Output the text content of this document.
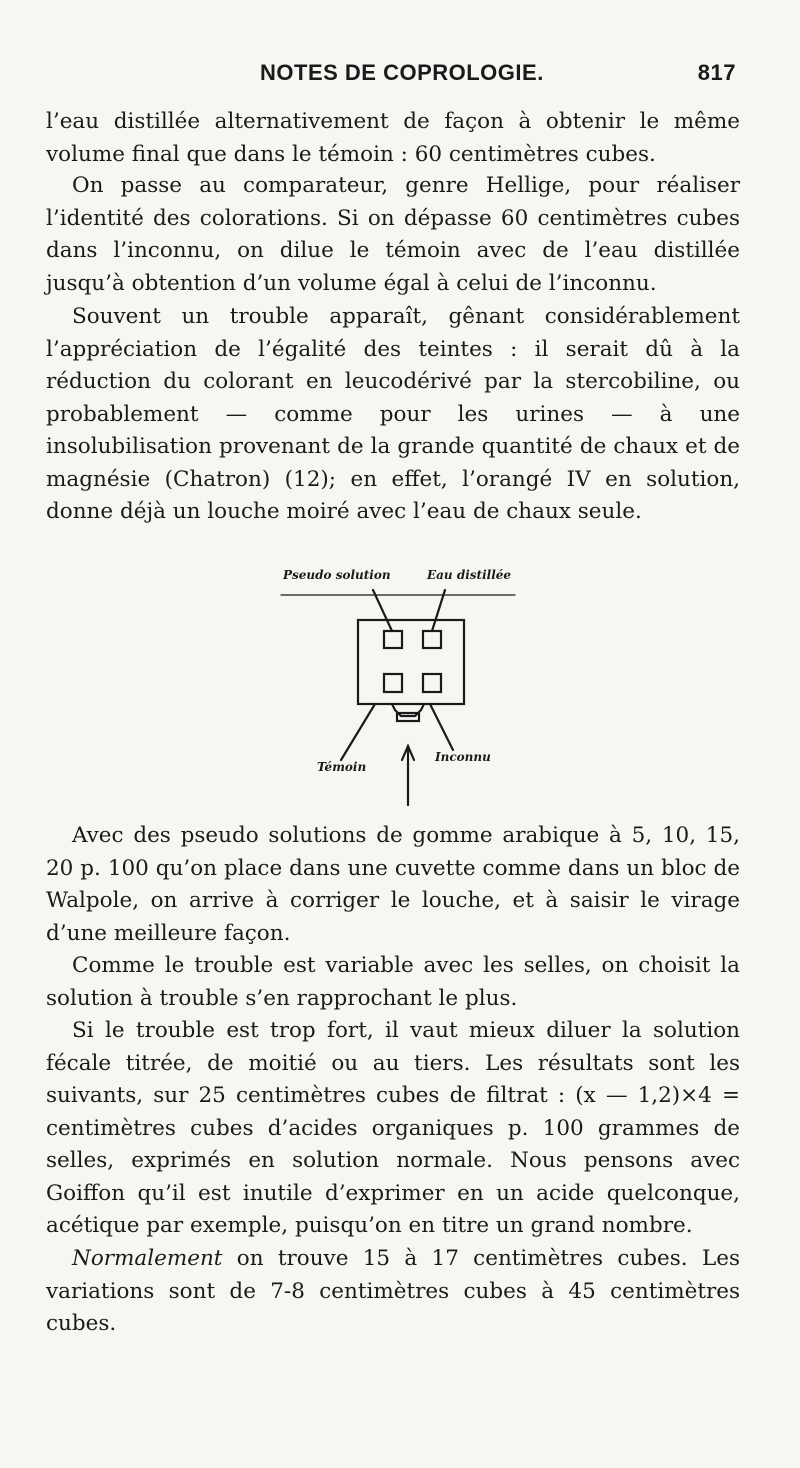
NOTES DE COPROLOGIE.	817

l’eau distillée alternativement de façon à obtenir le même volume final que dans le témoin : 60 centimètres cubes.

On passe au comparateur, genre Hellige, pour réaliser l’identité des colorations. Si on dépasse 60 centimètres cubes dans l’inconnu, on dilue le témoin avec de l’eau distillée jusqu’à obtention d’un volume égal à celui de l’inconnu.

Souvent un trouble apparaît, gênant considérablement l’appréciation de l’égalité des teintes : il serait dû à la réduction du colorant en leucodérivé par la stercobiline, ou probablement — comme pour les urines — à une insolubilisation provenant de la grande quantité de chaux et de magnésie (Chatron) (12); en effet, l’orangé IV en solution, donne déjà un louche moiré avec l’eau de chaux seule.

Pseudo solution	Eau distillée
Témoin
Inconnu

Avec des pseudo solutions de gomme arabique à 5, 10, 15, 20 p. 100 qu’on place dans une cuvette comme dans un bloc de Walpole, on arrive à corriger le louche, et à saisir le virage d’une meilleure façon.

Comme le trouble est variable avec les selles, on choisit la solution à trouble s’en rapprochant le plus.

Si le trouble est trop fort, il vaut mieux diluer la solution fécale titrée, de moitié ou au tiers. Les résultats sont les suivants, sur 25 centimètres cubes de filtrat : (x — 1,2)×4 = centimètres cubes d’acides organiques p. 100 grammes de selles, exprimés en solution normale. Nous pensons avec Goiffon qu’il est inutile d’exprimer en un acide quelconque, acétique par exemple, puisqu’on en titre un grand nombre.

Normalement on trouve 15 à 17 centimètres cubes. Les variations sont de 7-8 centimètres cubes à 45 centimètres cubes.
